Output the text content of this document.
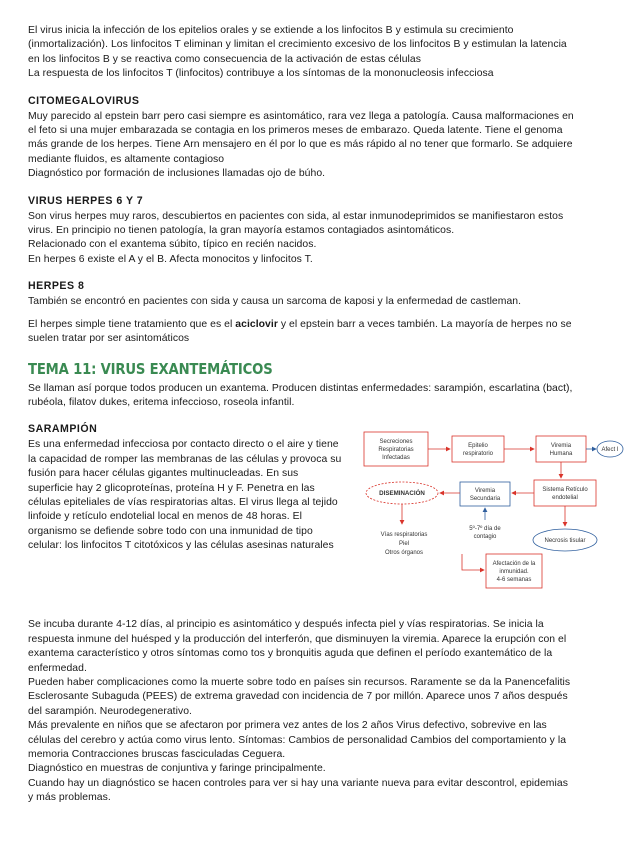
El virus inicia la infección de los epitelios orales y se extiende a los linfocitos B y estimula su crecimiento (inmortalización). Los linfocitos T eliminan y limitan el crecimiento excesivo de los linfocitos B y estimulan la latencia en los linfocitos B y se reactiva como consecuencia de la activación de estas células

La respuesta de los linfocitos T (linfocitos) contribuye a los síntomas de la mononucleosis infecciosa

CITOMEGALOVIRUS

Muy parecido al epstein barr pero casi siempre es asintomático, rara vez llega a patología. Causa malformaciones en el feto si una mujer embarazada se contagia en los primeros meses de embarazo. Queda latente. Tiene el genoma más grande de los herpes. Tiene Arn mensajero en él por lo que es más rápido al no tener que formarlo. Se adquiere mediante fluidos, es altamente contagioso

Diagnóstico por formación de inclusiones llamadas ojo de búho.

VIRUS HERPES 6 Y 7

Son virus herpes muy raros, descubiertos en pacientes con sida, al estar inmunodeprimidos se manifiestaron estos virus. En principio no tienen patología, la gran mayoría estamos contagiados asintomáticos.

Relacionado con el exantema súbito, típico en recién nacidos.

En herpes 6 existe el A y el B. Afecta monocitos y linfocitos T.

HERPES 8

También se encontró en pacientes con sida y causa un sarcoma de kaposi y la enfermedad de castleman.

El herpes simple tiene tratamiento que es el aciclovir y el epstein barr a veces también. La mayoría de herpes no se suelen tratar por ser asintomáticos

TEMA 11: VIRUS EXANTEMÁTICOS

Se llaman así porque todos producen un exantema. Producen distintas enfermedades: sarampión, escarlatina (bact), rubéola, filatov dukes, eritema infeccioso, roseola infantil.

SARAMPIÓN

Es una enfermedad infecciosa por contacto directo o el aire y tiene la capacidad de romper las membranas de las células y provoca su fusión para hacer células gigantes multinucleadas. En sus superficie hay 2 glicoproteínas, proteína H y F. Penetra en las células epiteliales de vías respiratorias altas. El virus llega al tejido linfoide y retículo endotelial local en menos de 48 horas. El organismo se defiende sobre todo con una inmunidad de tipo celular: los linfocitos T citotóxicos y las células asesinas naturales

Secreciones
Respiratorias
Infectadas
Epitelio
respiratorio
Viremia
Humana
Afect I
Sistema Retículo
endotelial
Viremia
Secundaria
DISEMINACIÓN
5º-7º día de
contagio
Necrosis tisular
Vías respiratorias
Piel
Otros órganos
Afectación de la
inmunidad.
4-6 semanas

Se incuba durante 4-12 días, al principio es asintomático y después infecta piel y vías respiratorias. Se inicia la respuesta inmune del huésped y la producción del interferón, que disminuyen la viremia. Aparece la erupción con el exantema característico y otros síntomas como tos y bronquitis aguda que definen el período exantemático de la enfermedad.

Pueden haber complicaciones como la muerte sobre todo en países sin recursos. Raramente se da la Panencefalitis Esclerosante Subaguda (PEES) de extrema gravedad con incidencia de 7 por millón. Aparece unos 7 años después del sarampión. Neurodegenerativo.

Más prevalente en niños que se afectaron por primera vez antes de los 2 años Virus defectivo, sobrevive en las células del cerebro y actúa como virus lento. Síntomas: Cambios de personalidad Cambios del comportamiento y la memoria Contracciones bruscas fasciculadas Ceguera.

Diagnóstico en muestras de conjuntiva y faringe principalmente.

Cuando hay un diagnóstico se hacen controles para ver si hay una variante nueva para evitar descontrol, epidemias y más problemas.
